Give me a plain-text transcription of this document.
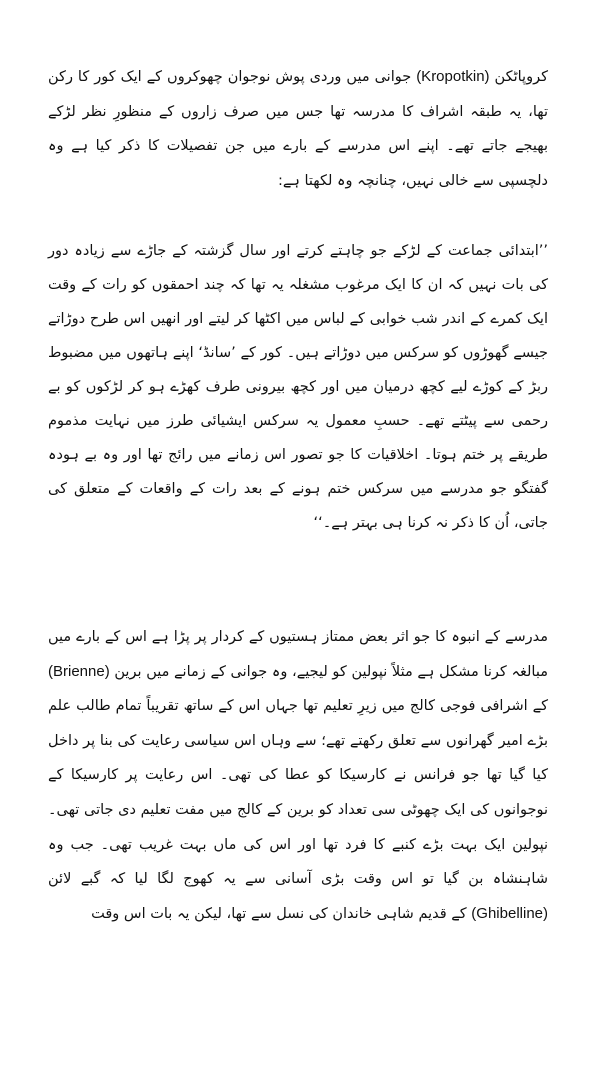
کروپاٹکن (Kropotkin) جوانی میں وردی پوش نوجوان چھوکروں کے ایک کور کا رکن تھا، یہ طبقہ اشراف کا مدرسہ تھا جس میں صرف زاروں کے منظورِ نظر لڑکے بھیجے جاتے تھے۔ اپنے اس مدرسے کے بارے میں جن تفصیلات کا ذکر کیا ہے وہ دلچسپی سے خالی نہیں، چنانچہ وہ لکھتا ہے:

’’ابتدائی جماعت کے لڑکے جو چاہتے کرتے اور سال گزشتہ کے جاڑے سے زیادہ دور کی بات نہیں کہ ان کا ایک مرغوب مشغلہ یہ تھا کہ چند احمقوں کو رات کے وقت ایک کمرے کے اندر شب خوابی کے لباس میں اکٹھا کر لیتے اور انھیں اس طرح دوڑاتے جیسے گھوڑوں کو سرکس میں دوڑاتے ہیں۔ کور کے ’سانڈ‘ اپنے ہاتھوں میں مضبوط ربڑ کے کوڑے لیے کچھ درمیان میں اور کچھ بیرونی طرف کھڑے ہو کر لڑکوں کو بے رحمی سے پیٹتے تھے۔ حسبِ معمول یہ سرکس ایشیائی طرز میں نہایت مذموم طریقے پر ختم ہوتا۔ اخلاقیات کا جو تصور اس زمانے میں رائج تھا اور وہ بے ہودہ گفتگو جو مدرسے میں سرکس ختم ہونے کے بعد رات کے واقعات کے متعلق کی جاتی، اُن کا ذکر نہ کرنا ہی بہتر ہے۔‘‘

مدرسے کے انبوہ کا جو اثر بعض ممتاز ہستیوں کے کردار پر پڑا ہے اس کے بارے میں مبالغہ کرنا مشکل ہے مثلاً نپولین کو لیجیے، وہ جوانی کے زمانے میں برین (Brienne) کے اشرافی فوجی کالج میں زیرِ تعلیم تھا جہاں اس کے ساتھ تقریباً تمام طالب علم بڑے امیر گھرانوں سے تعلق رکھتے تھے؛ سے وہاں اس سیاسی رعایت کی بنا پر داخل کیا گیا تھا جو فرانس نے کارسیکا کو عطا کی تھی۔ اس رعایت پر کارسیکا کے نوجوانوں کی ایک چھوٹی سی تعداد کو برین کے کالج میں مفت تعلیم دی جاتی تھی۔ نپولین ایک بہت بڑے کنبے کا فرد تھا اور اس کی ماں بہت غریب تھی۔ جب وہ شاہنشاہ بن گیا تو اس وقت بڑی آسانی سے یہ کھوج لگا لیا کہ گبے لائن (Ghibelline) کے قدیم شاہی خاندان کی نسل سے تھا، لیکن یہ بات اس وقت
